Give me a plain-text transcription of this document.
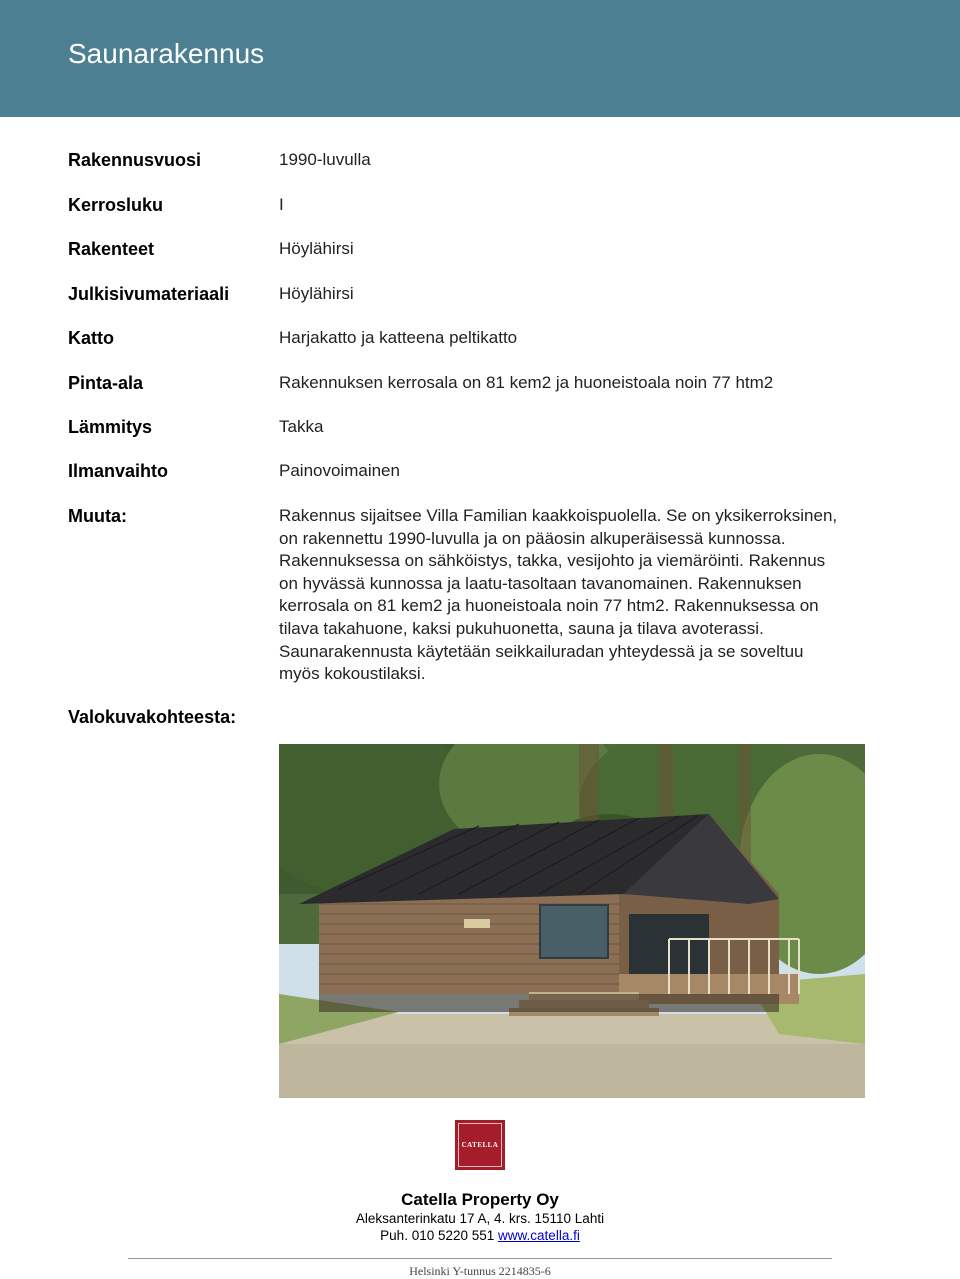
Saunarakennus
Rakennusvuosi	1990-luvulla
Kerrosluku	I
Rakenteet	Höylähirsi
Julkisivumateriaali	Höylähirsi
Katto	Harjakatto ja katteena peltikatto
Pinta-ala	Rakennuksen kerrosala on 81 kem2 ja huoneistoala noin 77 htm2
Lämmitys	Takka
Ilmanvaihto	Painovoimainen
Muuta:	Rakennus sijaitsee Villa Familian kaakkoispuolella. Se on yksikerroksinen,
on rakennettu 1990-luvulla ja on pääosin alkuperäisessä kunnossa.
Rakennuksessa on sähköistys, takka, vesijohto ja viemäröinti. Rakennus
on hyvässä kunnossa ja laatu-tasoltaan tavanomainen. Rakennuksen
kerrosala on 81 kem2 ja huoneistoala noin 77 htm2. Rakennuksessa on
tilava takahuone, kaksi pukuhuonetta, sauna ja tilava avoterassi.
Saunarakennusta käytetään seikkailuradan yhteydessä ja se soveltuu
myös kokoustilaksi.
Valokuvakohteesta:
CATELLA
Catella Property Oy
Aleksanterinkatu 17 A, 4. krs. 15110 Lahti
Puh. 010 5220 551 www.catella.fi
Helsinki Y-tunnus 2214835-6
